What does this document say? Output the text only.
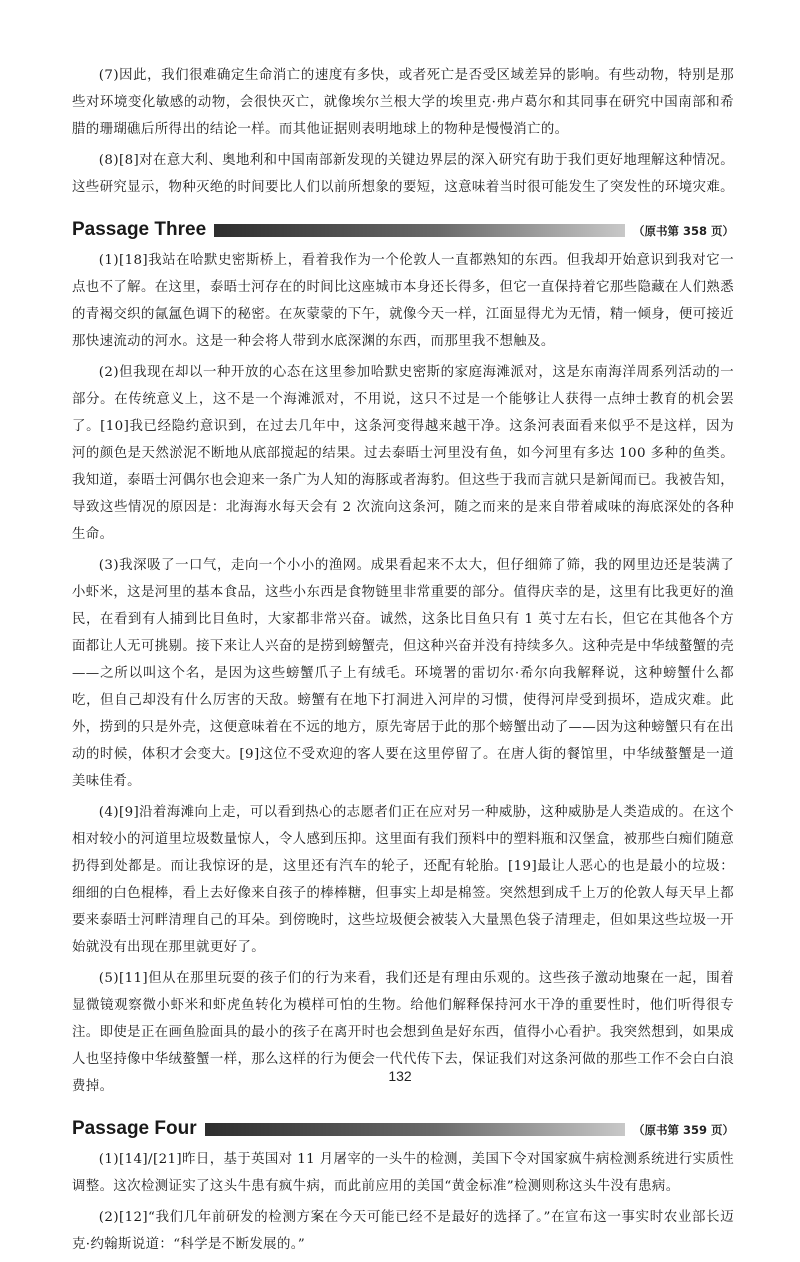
(7)因此，我们很难确定生命消亡的速度有多快，或者死亡是否受区域差异的影响。有些动物，特别是那些对环境变化敏感的动物，会很快灭亡，就像埃尔兰根大学的埃里克·弗卢葛尔和其同事在研究中国南部和希腊的珊瑚礁后所得出的结论一样。而其他证据则表明地球上的物种是慢慢消亡的。

(8)[8]对在意大利、奥地利和中国南部新发现的关键边界层的深入研究有助于我们更好地理解这种情况。这些研究显示，物种灭绝的时间要比人们以前所想象的要短，这意味着当时很可能发生了突发性的环境灾难。

Passage Three	（原书第 358 页）

(1)[18]我站在哈默史密斯桥上，看着我作为一个伦敦人一直都熟知的东西。但我却开始意识到我对它一点也不了解。在这里，泰晤士河存在的时间比这座城市本身还长得多，但它一直保持着它那些隐藏在人们熟悉的青褐交织的氤氲色调下的秘密。在灰蒙蒙的下午，就像今天一样，江面显得尤为无情，精一倾身，便可接近那快速流动的河水。这是一种会将人带到水底深渊的东西，而那里我不想触及。

(2)但我现在却以一种开放的心态在这里参加哈默史密斯的家庭海滩派对，这是东南海洋周系列活动的一部分。在传统意义上，这不是一个海滩派对，不用说，这只不过是一个能够让人获得一点绅士教育的机会罢了。[10]我已经隐约意识到，在过去几年中，这条河变得越来越干净。这条河表面看来似乎不是这样，因为河的颜色是天然淤泥不断地从底部搅起的结果。过去泰晤士河里没有鱼，如今河里有多达 100 多种的鱼类。我知道，泰晤士河偶尔也会迎来一条广为人知的海豚或者海豹。但这些于我而言就只是新闻而已。我被告知，导致这些情况的原因是：北海海水每天会有 2 次流向这条河，随之而来的是来自带着咸味的海底深处的各种生命。

(3)我深吸了一口气，走向一个小小的渔网。成果看起来不太大，但仔细筛了筛，我的网里边还是装满了小虾米，这是河里的基本食品，这些小东西是食物链里非常重要的部分。值得庆幸的是，这里有比我更好的渔民，在看到有人捕到比目鱼时，大家都非常兴奋。诚然，这条比目鱼只有 1 英寸左右长，但它在其他各个方面都让人无可挑剔。接下来让人兴奋的是捞到螃蟹壳，但这种兴奋并没有持续多久。这种壳是中华绒螯蟹的壳——之所以叫这个名，是因为这些螃蟹爪子上有绒毛。环境署的雷切尔·希尔向我解释说，这种螃蟹什么都吃，但自己却没有什么厉害的天敌。螃蟹有在地下打洞进入河岸的习惯，使得河岸受到损坏，造成灾难。此外，捞到的只是外壳，这便意味着在不远的地方，原先寄居于此的那个螃蟹出动了——因为这种螃蟹只有在出动的时候，体积才会变大。[9]这位不受欢迎的客人要在这里停留了。在唐人街的餐馆里，中华绒螯蟹是一道美味佳肴。

(4)[9]沿着海滩向上走，可以看到热心的志愿者们正在应对另一种威胁，这种威胁是人类造成的。在这个相对较小的河道里垃圾数量惊人，令人感到压抑。这里面有我们预料中的塑料瓶和汉堡盒，被那些白痴们随意扔得到处都是。而让我惊讶的是，这里还有汽车的轮子，还配有轮胎。[19]最让人恶心的也是最小的垃圾：细细的白色棍棒，看上去好像来自孩子的棒棒糖，但事实上却是棉签。突然想到成千上万的伦敦人每天早上都要来泰晤士河畔清理自己的耳朵。到傍晚时，这些垃圾便会被装入大量黑色袋子清理走，但如果这些垃圾一开始就没有出现在那里就更好了。

(5)[11]但从在那里玩耍的孩子们的行为来看，我们还是有理由乐观的。这些孩子激动地聚在一起，围着显微镜观察微小虾米和虾虎鱼转化为模样可怕的生物。给他们解释保持河水干净的重要性时，他们听得很专注。即使是正在画鱼脸面具的最小的孩子在离开时也会想到鱼是好东西，值得小心看护。我突然想到，如果成人也坚持像中华绒螯蟹一样，那么这样的行为便会一代代传下去，保证我们对这条河做的那些工作不会白白浪费掉。

Passage Four	（原书第 359 页）

(1)[14]/[21]昨日，基于英国对 11 月屠宰的一头牛的检测，美国下令对国家疯牛病检测系统进行实质性调整。这次检测证实了这头牛患有疯牛病，而此前应用的美国“黄金标准”检测则称这头牛没有患病。

(2)[12]“我们几年前研发的检测方案在今天可能已经不是最好的选择了。”在宣布这一事实时农业部长迈克·约翰斯说道：“科学是不断发展的。”

132
